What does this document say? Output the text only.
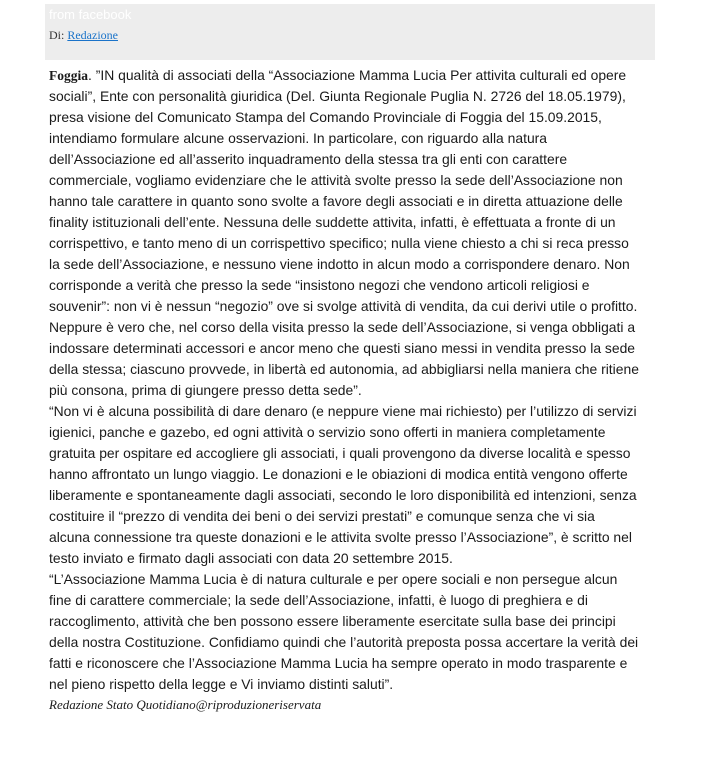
from facebook
Di: Redazione

Foggia. ”IN qualità di associati della “Associazione Mamma Lucia Per attivita culturali ed opere sociali”, Ente con personalità giuridica (Del. Giunta Regionale Puglia N. 2726 del 18.05.1979), presa visione del Comunicato Stampa del Comando Provinciale di Foggia del 15.09.2015, intendiamo formulare alcune osservazioni. In particolare, con riguardo alla natura dell’Associazione ed all’asserito inquadramento della stessa tra gli enti con carattere commerciale, vogliamo evidenziare che le attività svolte presso la sede dell’Associazione non hanno tale carattere in quanto sono svolte a favore degli associati e in diretta attuazione delle finality istituzionali dell’ente. Nessuna delle suddette attivita, infatti, è effettuata a fronte di un corrispettivo, e tanto meno di un corrispettivo specifico; nulla viene chiesto a chi si reca presso la sede dell’Associazione, e nessuno viene indotto in alcun modo a corrispondere denaro. Non corrisponde a verità che presso la sede “insistono negozi che vendono articoli religiosi e souvenir”: non vi è nessun “negozio” ove si svolge attività di vendita, da cui derivi utile o profitto. Neppure è vero che, nel corso della visita presso la sede dell’Associazione, si venga obbligati a indossare determinati accessori e ancor meno che questi siano messi in vendita presso la sede della stessa; ciascuno provvede, in libertà ed autonomia, ad abbigliarsi nella maniera che ritiene più consona, prima di giungere presso detta sede”.

“Non vi è alcuna possibilità di dare denaro (e neppure viene mai richiesto) per l’utilizzo di servizi igienici, panche e gazebo, ed ogni attività o servizio sono offerti in maniera completamente gratuita per ospitare ed accogliere gli associati, i quali provengono da diverse località e spesso hanno affrontato un lungo viaggio. Le donazioni e le obiazioni di modica entità vengono offerte liberamente e spontaneamente dagli associati, secondo le loro disponibilità ed intenzioni, senza costituire il “prezzo di vendita dei beni o dei servizi prestati” e comunque senza che vi sia alcuna connessione tra queste donazioni e le attivita svolte presso l’Associazione”, è scritto nel testo inviato e firmato dagli associati con data 20 settembre 2015.

“L’Associazione Mamma Lucia è di natura culturale e per opere sociali e non persegue alcun fine di carattere commerciale; la sede dell’Associazione, infatti, è luogo di preghiera e di raccoglimento, attività che ben possono essere liberamente esercitate sulla base dei principi della nostra Costituzione. Confidiamo quindi che l’autorità preposta possa accertare la verità dei fatti e riconoscere che l’Associazione Mamma Lucia ha sempre operato in modo trasparente e nel pieno rispetto della legge e Vi inviamo distinti saluti”.

Redazione Stato Quotidiano@riproduzioneriservata
